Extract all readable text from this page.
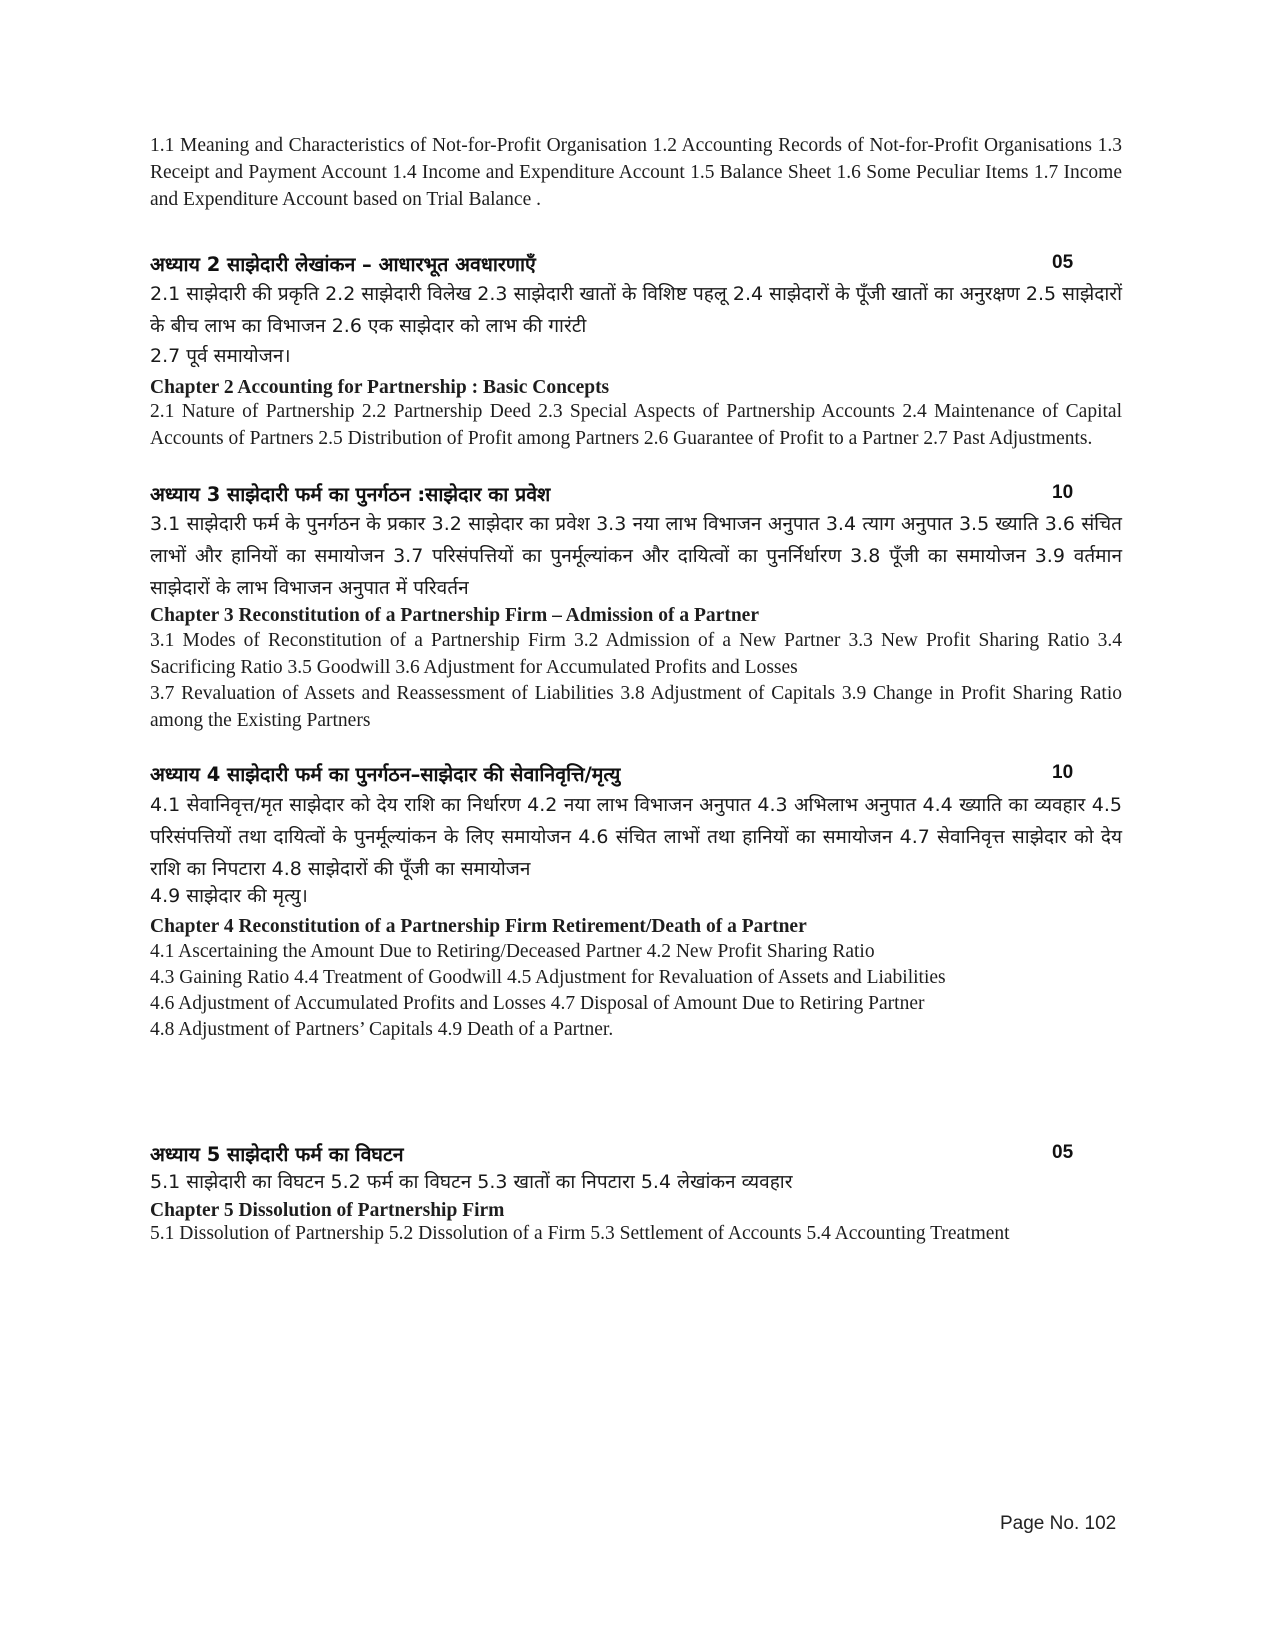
1.1 Meaning and Characteristics of Not-for-Profit Organisation 1.2 Accounting Records of Not-for-Profit Organisations 1.3 Receipt and Payment Account 1.4 Income and Expenditure Account 1.5 Balance Sheet 1.6 Some Peculiar Items 1.7 Income and Expenditure Account based on Trial Balance .

अध्याय 2 साझेदारी लेखांकन – आधारभूत अवधारणाएँ	05

2.1 साझेदारी की प्रकृति 2.2 साझेदारी विलेख 2.3 साझेदारी खातों के विशिष्ट पहलू 2.4 साझेदारों के पूँजी खातों का अनुरक्षण 2.5 साझेदारों के बीच लाभ का विभाजन 2.6 एक साझेदार को लाभ की गारंटी

2.7 पूर्व समायोजन।

Chapter 2 Accounting for Partnership : Basic Concepts

2.1 Nature of Partnership 2.2 Partnership Deed 2.3 Special Aspects of Partnership Accounts 2.4 Maintenance of Capital Accounts of Partners 2.5 Distribution of Profit among Partners 2.6 Guarantee of Profit to a Partner 2.7 Past Adjustments.

अध्याय 3 साझेदारी फर्म का पुनर्गठन :साझेदार का प्रवेश	10

3.1 साझेदारी फर्म के पुनर्गठन के प्रकार 3.2 साझेदार का प्रवेश 3.3 नया लाभ विभाजन अनुपात 3.4 त्याग अनुपात 3.5 ख्याति 3.6 संचित लाभों और हानियों का समायोजन 3.7 परिसंपत्तियों का पुनर्मूल्यांकन और दायित्वों का पुनर्निर्धारण 3.8 पूँजी का समायोजन 3.9 वर्तमान साझेदारों के लाभ विभाजन अनुपात में परिवर्तन

Chapter 3 Reconstitution of a Partnership Firm – Admission of a Partner

3.1 Modes of Reconstitution of a Partnership Firm 3.2 Admission of a New Partner 3.3 New Profit Sharing Ratio 3.4 Sacrificing Ratio 3.5 Goodwill 3.6 Adjustment for Accumulated Profits and Losses

3.7 Revaluation of Assets and Reassessment of Liabilities 3.8 Adjustment of Capitals 3.9 Change in Profit Sharing Ratio among the Existing Partners

अध्याय 4 साझेदारी फर्म का पुनर्गठन–साझेदार की सेवानिवृत्ति/मृत्यु	10

4.1 सेवानिवृत्त/मृत साझेदार को देय राशि का निर्धारण 4.2 नया लाभ विभाजन अनुपात 4.3 अभिलाभ अनुपात 4.4 ख्याति का व्यवहार 4.5 परिसंपत्तियों तथा दायित्वों के पुनर्मूल्यांकन के लिए समायोजन 4.6 संचित लाभों तथा हानियों का समायोजन 4.7 सेवानिवृत्त साझेदार को देय राशि का निपटारा 4.8 साझेदारों की पूँजी का समायोजन

4.9 साझेदार की मृत्यु।

Chapter 4 Reconstitution of a Partnership Firm Retirement/Death of a Partner

4.1 Ascertaining the Amount Due to Retiring/Deceased Partner 4.2 New Profit Sharing Ratio

4.3 Gaining Ratio 4.4 Treatment of Goodwill 4.5 Adjustment for Revaluation of Assets and Liabilities

4.6 Adjustment of Accumulated Profits and Losses 4.7 Disposal of Amount Due to Retiring Partner

4.8 Adjustment of Partners’ Capitals 4.9 Death of a Partner.

अध्याय 5 साझेदारी फर्म का विघटन	05

5.1 साझेदारी का विघटन 5.2 फर्म का विघटन 5.3 खातों का निपटारा 5.4 लेखांकन व्यवहार

Chapter 5 Dissolution of Partnership Firm

5.1 Dissolution of Partnership 5.2 Dissolution of a Firm 5.3 Settlement of Accounts 5.4 Accounting Treatment

Page No. 102
